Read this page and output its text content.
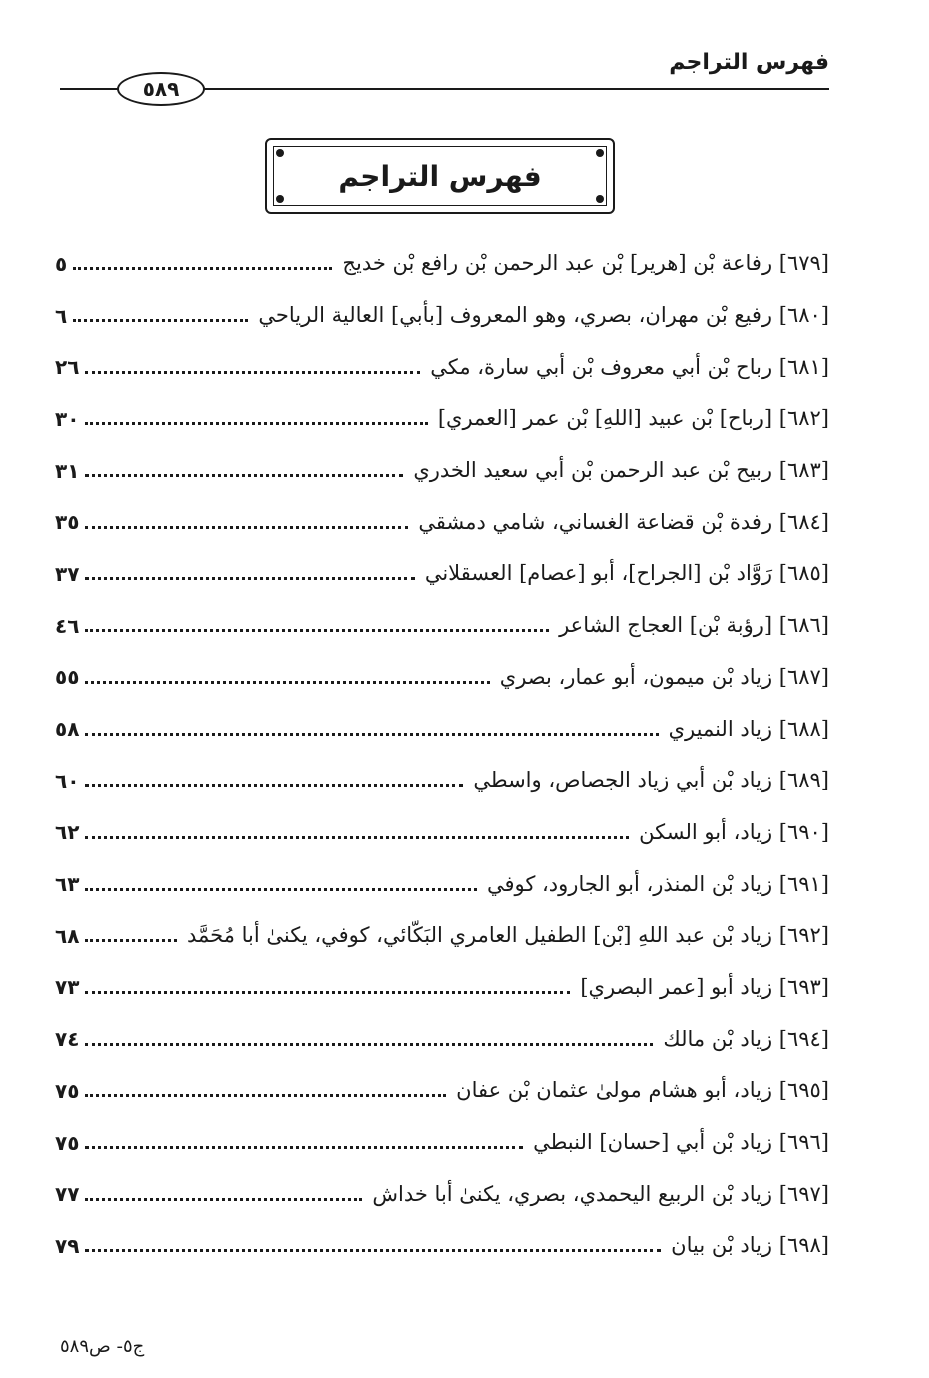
فهرس التراجم
٥٨٩
فهرس التراجم
[٦٧٩] رفاعة بْن [هرير] بْن عبد الرحمن بْن رافع بْن خديج
٥
[٦٨٠] رفيع بْن مهران، بصري، وهو المعروف [بأبي] العالية الرياحي
٦
[٦٨١] رباح بْن أبي معروف بْن أبي سارة، مكي
٢٦
[٦٨٢] [رباح] بْن عبيد [اللهِ] بْن عمر [العمري]
٣٠
[٦٨٣] ربيح بْن عبد الرحمن بْن أبي سعيد الخدري
٣١
[٦٨٤] رفدة بْن قضاعة الغساني، شامي دمشقي
٣٥
[٦٨٥] رَوَّاد بْن [الجراح]، أبو [عصام] العسقلاني
٣٧
[٦٨٦] [رؤبة بْن] العجاج الشاعر
٤٦
[٦٨٧] زياد بْن ميمون، أبو عمار، بصري
٥٥
[٦٨٨] زياد النميري
٥٨
[٦٨٩] زياد بْن أبي زياد الجصاص، واسطي
٦٠
[٦٩٠] زياد، أبو السكن
٦٢
[٦٩١] زياد بْن المنذر، أبو الجارود، كوفي
٦٣
[٦٩٢] زياد بْن عبد اللهِ [بْن] الطفيل العامري البَكّائي، كوفي، يكنىٰ أبا مُحَمَّد
٦٨
[٦٩٣] زياد أبو [عمر البصري]
٧٣
[٦٩٤] زياد بْن مالك
٧٤
[٦٩٥] زياد، أبو هشام مولىٰ عثمان بْن عفان
٧٥
[٦٩٦] زياد بْن أبي [حسان] النبطي
٧٥
[٦٩٧] زياد بْن الربيع اليحمدي، بصري، يكنىٰ أبا خداش
٧٧
[٦٩٨] زياد بْن بيان
٧٩
ج٥- ص٥٨٩
